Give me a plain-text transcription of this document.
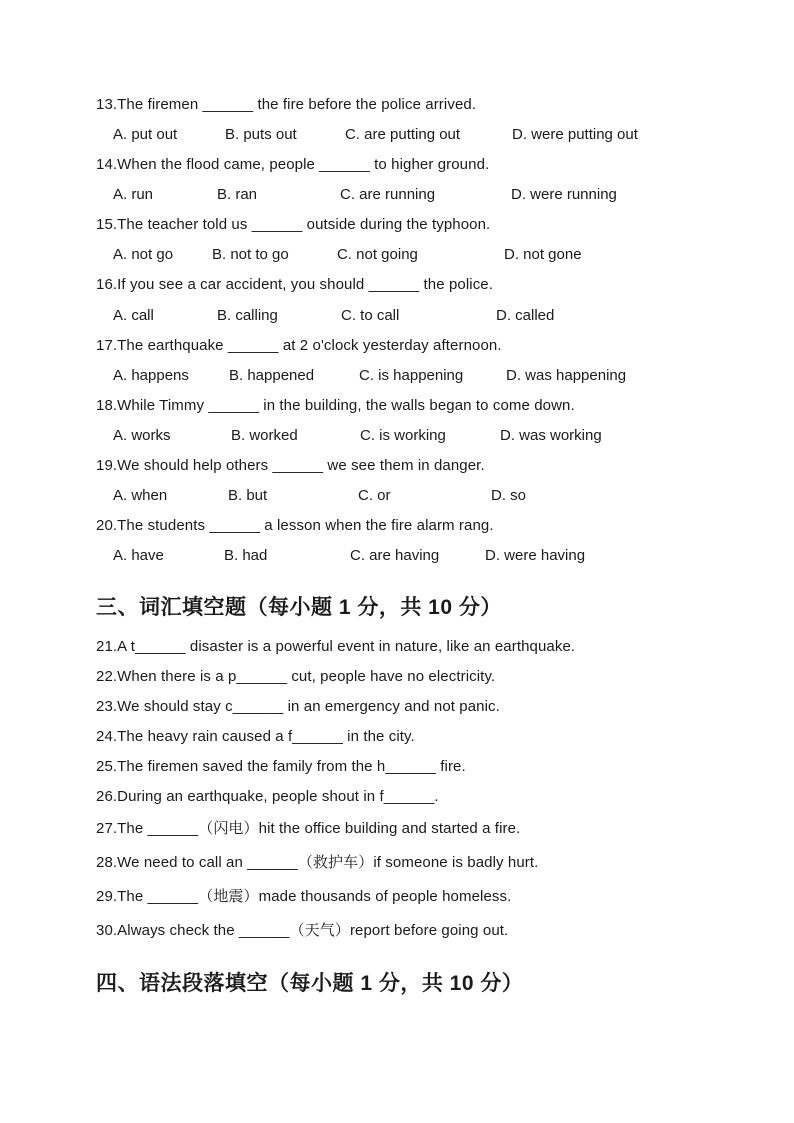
13.The firemen ______ the fire before the police arrived.
A. put out	B. puts out	C. are putting out	D. were putting out
14.When the flood came, people ______ to higher ground.
A. run	B. ran	C. are running	D. were running
15.The teacher told us ______ outside during the typhoon.
A. not go	B. not to go	C. not going	D. not gone
16.If you see a car accident, you should ______ the police.
A. call	B. calling	C. to call	D. called
17.The earthquake ______ at 2 o'clock yesterday afternoon.
A. happens	B. happened	C. is happening	D. was happening
18.While Timmy ______ in the building, the walls began to come down.
A. works	B. worked	C. is working	D. was working
19.We should help others ______ we see them in danger.
A. when	B. but	C. or	D. so
20.The students ______ a lesson when the fire alarm rang.
A. have	B. had	C. are having	D. were having
三、词汇填空题（每小题 1 分，共 10 分）
21.A t______ disaster is a powerful event in nature, like an earthquake.
22.When there is a p______ cut, people have no electricity.
23.We should stay c______ in an emergency and not panic.
24.The heavy rain caused a f______ in the city.
25.The firemen saved the family from the h______ fire.
26.During an earthquake, people shout in f______.
27.The ______（闪电）hit the office building and started a fire.
28.We need to call an ______（救护车）if someone is badly hurt.
29.The ______（地震）made thousands of people homeless.
30.Always check the ______（天气）report before going out.
四、语法段落填空（每小题 1 分，共 10 分）
